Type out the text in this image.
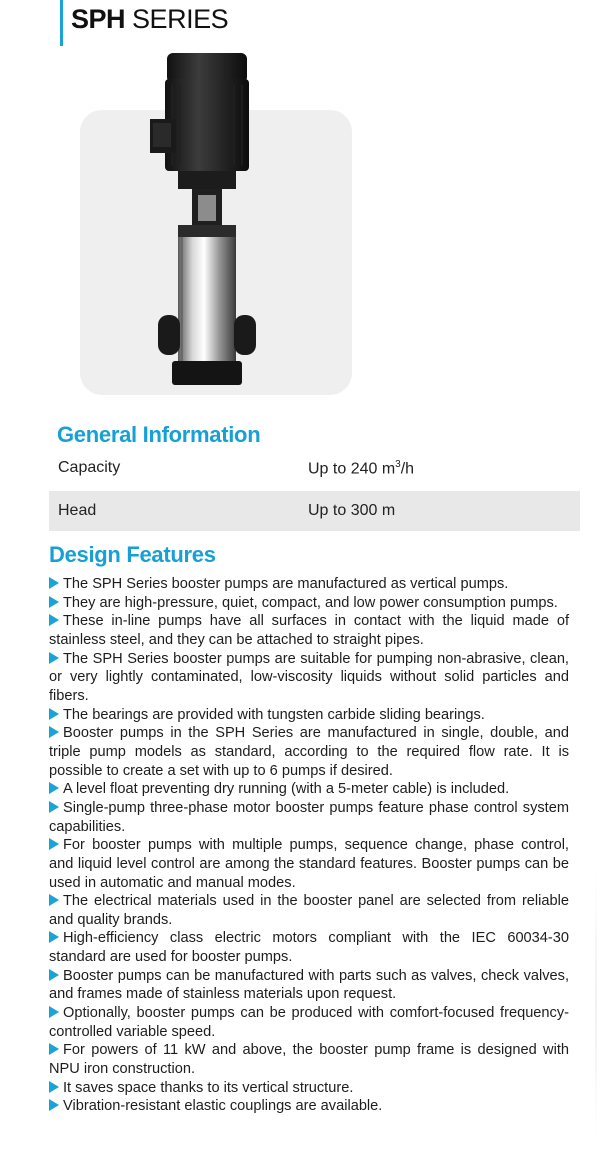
SPH SERIES
General Information
Capacity	Up to 240 $m^3/h$
Head	Up to 300 m
Design Features

The SPH Series booster pumps are manufactured as vertical pumps.

They are high-pressure, quiet, compact, and low power consumption pumps.

These in-line pumps have all surfaces in contact with the liquid made of stainless steel, and they can be attached to straight pipes.

The SPH Series booster pumps are suitable for pumping non-abrasive, clean, or very lightly contaminated, low-viscosity liquids without solid particles and fibers.

The bearings are provided with tungsten carbide sliding bearings.

Booster pumps in the SPH Series are manufactured in single, double, and triple pump models as standard, according to the required flow rate. It is possible to create a set with up to 6 pumps if desired.

A level float preventing dry running (with a 5-meter cable) is included.

Single-pump three-phase motor booster pumps feature phase control system capabilities.

For booster pumps with multiple pumps, sequence change, phase control, and liquid level control are among the standard features. Booster pumps can be used in automatic and manual modes.

The electrical materials used in the booster panel are selected from reliable and quality brands.

High-efficiency class electric motors compliant with the IEC 60034-30 standard are used for booster pumps.

Booster pumps can be manufactured with parts such as valves, check valves, and frames made of stainless materials upon request.

Optionally, booster pumps can be produced with comfort-focused frequency-controlled variable speed.

For powers of 11 kW and above, the booster pump frame is designed with NPU iron construction.

It saves space thanks to its vertical structure.

Vibration-resistant elastic couplings are available.
